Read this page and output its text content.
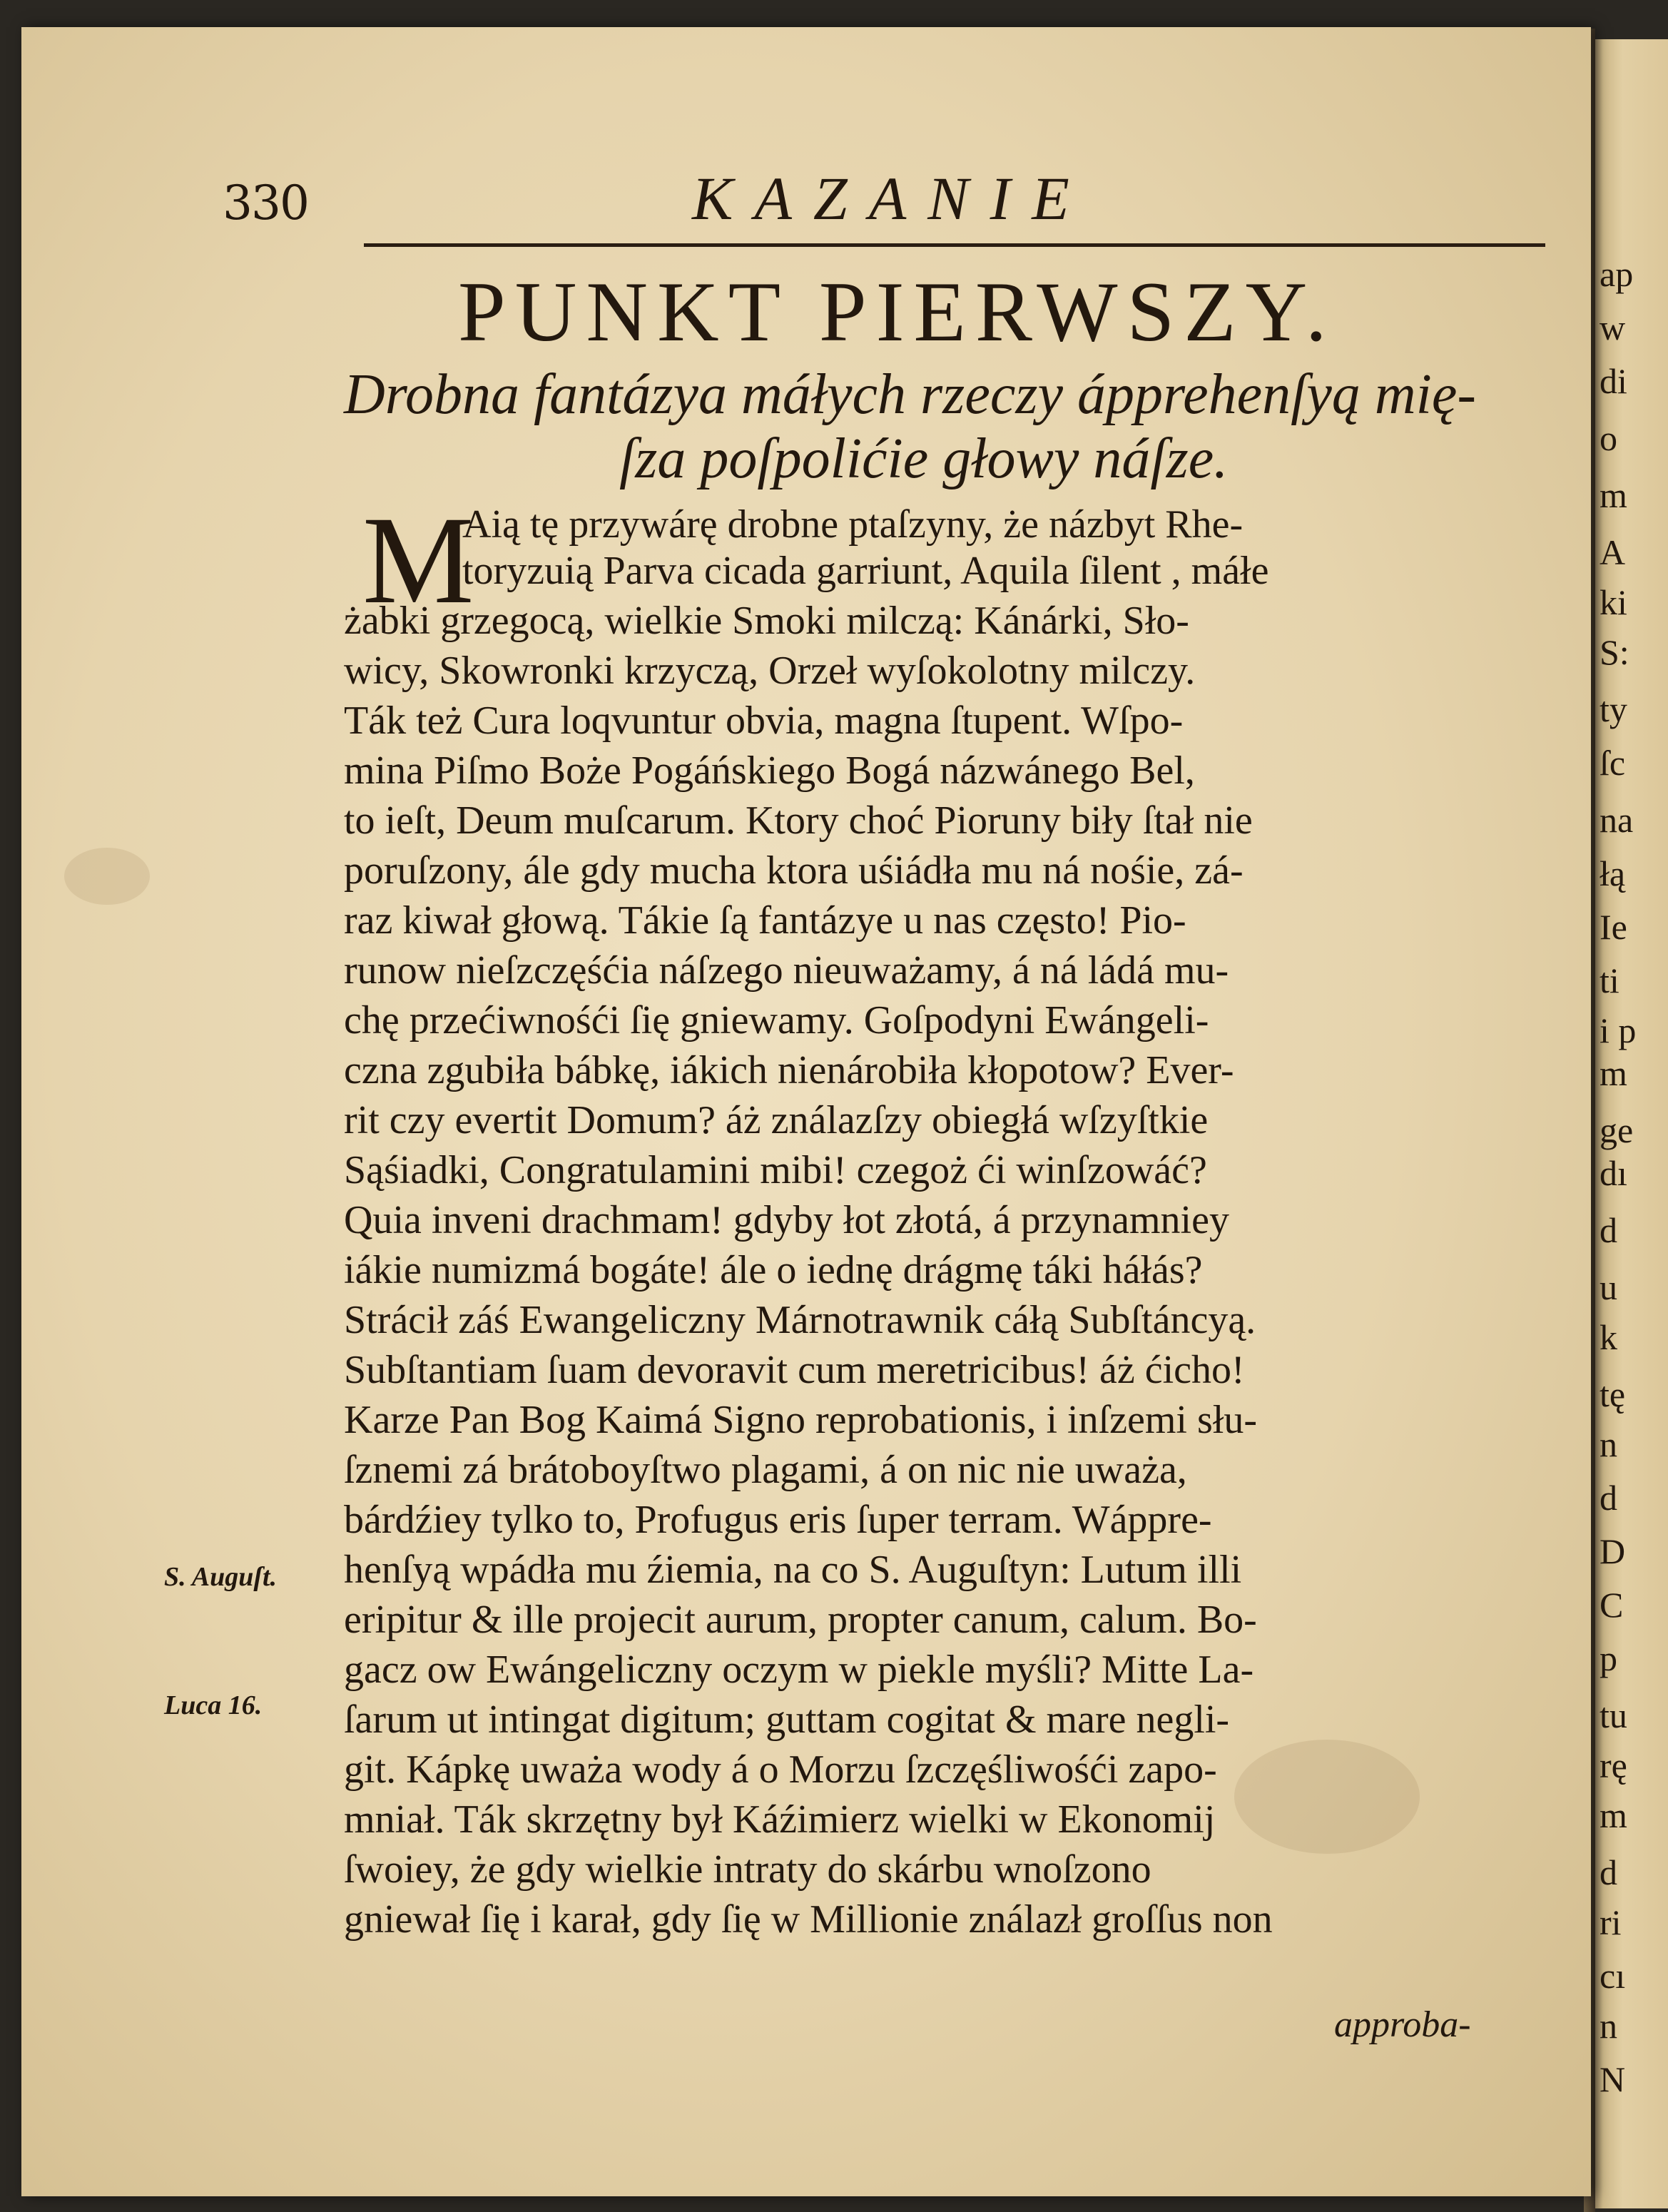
ap
w
di
o
m
A
ki
S:
ty
ſc
na
łą
Ie
ti
i p
m
ge
dı
d
u
k
tę
n
d
D
C
p
tu
rę
m
d
ri
cı
n
N
330	KAZANIE
PUNKT PIERWSZY.
Drobna fantázya máłych rzeczy ápprehenſyą mię-
ſza poſpolićie głowy náſze.
M
Aią tę przywárę drobne ptaſzyny, że názbyt Rhe-
toryzuią Parva cicada garriunt, Aquila ſilent , máłe
żabki grzegocą, wielkie Smoki milczą: Kánárki, Sło-
wicy, Skowronki krzyczą, Orzeł wyſokolotny milczy.
Ták też Cura loqvuntur obvia, magna ſtupent. Wſpo-
mina Piſmo Boże Pogáńskiego Bogá názwánego Bel,
to ieſt, Deum muſcarum. Ktory choć Pioruny biły ſtał nie
poruſzony, ále gdy mucha ktora uśiádła mu ná nośie, zá-
raz kiwał głową. Tákie ſą fantázye u nas często! Pio-
runow nieſzczęśćia náſzego nieuważamy, á ná ládá mu-
chę przećiwnośći ſię gniewamy. Goſpodyni Ewángeli-
czna zgubiła bábkę, iákich nienárobiła kłopotow? Ever-
rit czy evertit Domum? áż ználazſzy obiegłá wſzyſtkie
Sąśiadki, Congratulamini mibi! czegoż ći winſzowáć?
Quia inveni drachmam! gdyby łot złotá, á przynamniey
iákie numizmá bogáte! ále o iednę drágmę táki háłás?
Strácił záś Ewangeliczny Márnotrawnik cáłą Subſtáncyą.
Subſtantiam ſuam devoravit cum meretricibus! áż ćicho!
Karze Pan Bog Kaimá Signo reprobationis, i inſzemi słu-
ſznemi zá brátoboyſtwo plagami, á on nic nie uważa,
bárdźiey tylko to, Profugus eris ſuper terram. Wápprе-
henſyą wpádła mu źiemia, na co S. Auguſtyn: Lutum illi
eripitur & ille projecit aurum, propter canum, calum. Bo-
gacz ow Ewángeliczny oczym w piekle myśli? Mitte La-
ſarum ut intingat digitum; guttam cogitat & mare negli-
git. Kápkę uważa wody á o Morzu ſzczęśliwośći zapo-
mniał. Ták skrzętny był Káźimierz wielki w Ekonomij
ſwoiey, że gdy wielkie intraty do skárbu wnoſzono
gniewał ſię i karał, gdy ſię w Millionie ználazł groſſus non
S. Auguſt.
Luca 16.
approba-
